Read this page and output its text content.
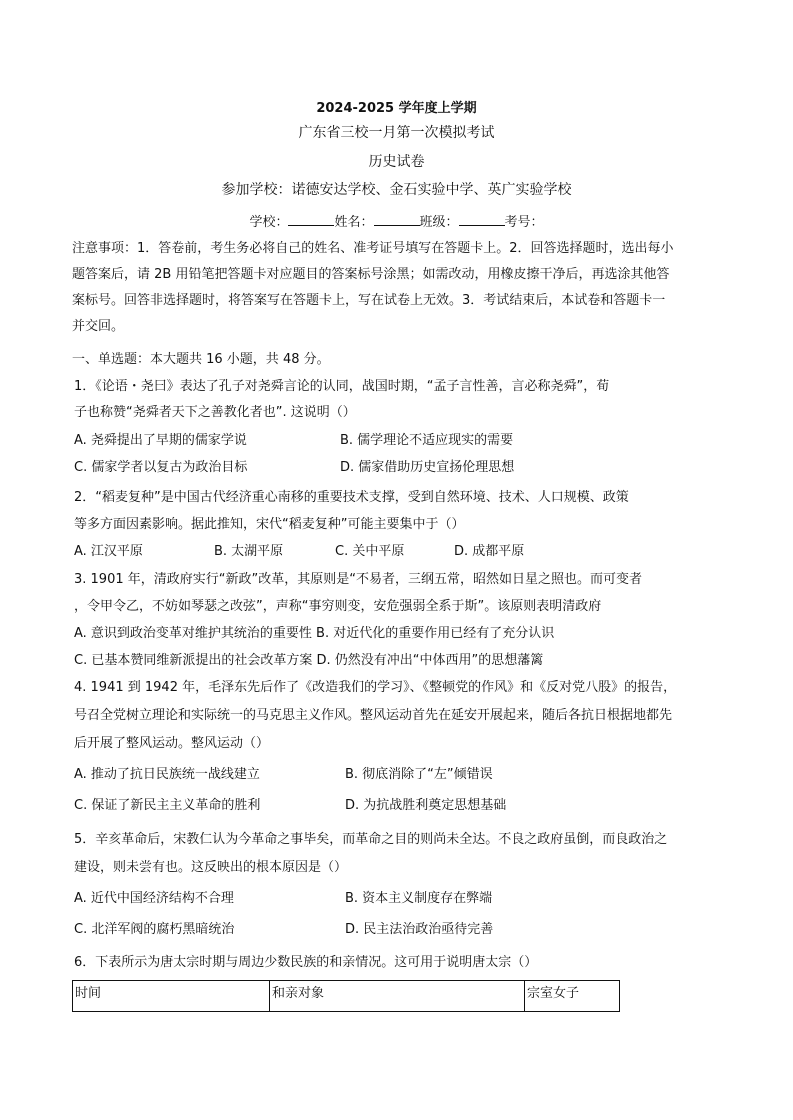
2024-2025 学年度上学期
广东省三校一月第一次模拟考试
历史试卷
参加学校：诺德安达学校、金石实验中学、英广实验学校
学校：	姓名：	班级：	考号：
注意事项：1．答卷前，考生务必将自己的姓名、准考证号填写在答题卡上。2．回答选择题时，选出每小
题答案后，请 2B 用铅笔把答题卡对应题目的答案标号涂黑；如需改动，用橡皮擦干净后，再选涂其他答
案标号。回答非选择题时，将答案写在答题卡上，写在试卷上无效。3．考试结束后，本试卷和答题卡一
并交回。
一、单选题：本大题共 16 小题，共 48 分。
1．《论语・尧曰》表达了孔子对尧舜言论的认同，战国时期，“孟子言性善，言必称尧舜”，荀
子也称赞“尧舜者天下之善教化者也”. 这说明（）
A. 尧舜提出了早期的儒家学说	B. 儒学理论不适应现实的需要
C. 儒家学者以复古为政治目标	D. 儒家借助历史宣扬伦理思想
2．“稻麦复种”是中国古代经济重心南移的重要技术支撑，受到自然环境、技术、人口规模、政策
等多方面因素影响。据此推知，宋代“稻麦复种”可能主要集中于（）
A. 江汉平原	B. 太湖平原	C. 关中平原	D. 成都平原
3. 1901 年，清政府实行“新政”改革，其原则是“不易者，三纲五常，昭然如日星之照也。而可变者
，令甲令乙，不妨如琴瑟之改弦”，声称“事穷则变，安危强弱全系于斯”。该原则表明清政府
A. 意识到政治变革对维护其统治的重要性 B. 对近代化的重要作用已经有了充分认识
C. 已基本赞同维新派提出的社会改革方案 D. 仍然没有冲出“中体西用”的思想藩篱
4. 1941 到 1942 年，毛泽东先后作了《改造我们的学习》、《整顿党的作风》和《反对党八股》的报告，
号召全党树立理论和实际统一的马克思主义作风。整风运动首先在延安开展起来，随后各抗日根据地都先
后开展了整风运动。整风运动（）
A. 推动了抗日民族统一战线建立	B. 彻底消除了“左”倾错误
C. 保证了新民主主义革命的胜利	D. 为抗战胜利奠定思想基础
5．辛亥革命后，宋教仁认为今革命之事毕矣，而革命之目的则尚未全达。不良之政府虽倒，而良政治之
建设，则未尝有也。这反映出的根本原因是（）
A. 近代中国经济结构不合理	B. 资本主义制度存在弊端
C. 北洋军阀的腐朽黑暗统治	D. 民主法治政治亟待完善
6．下表所示为唐太宗时期与周边少数民族的和亲情况。这可用于说明唐太宗（）
时间	和亲对象	宗室女子
